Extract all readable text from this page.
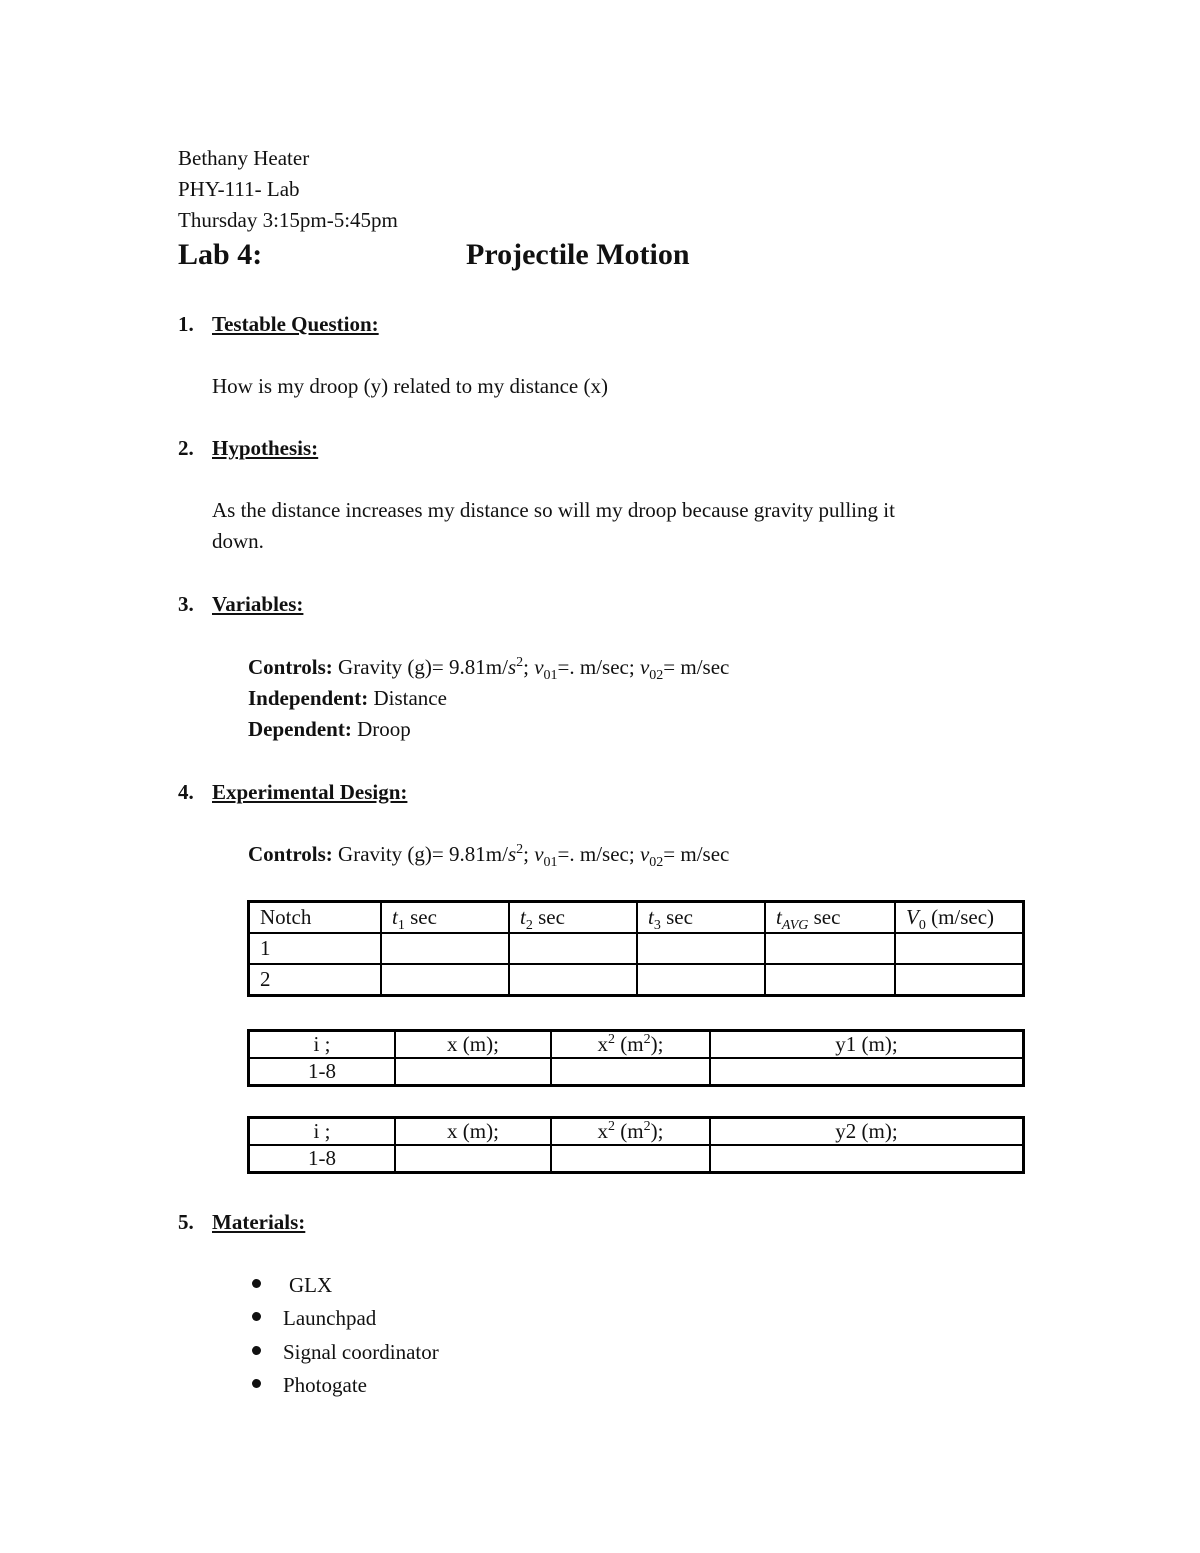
Bethany Heater
PHY-111- Lab
Thursday 3:15pm-5:45pm
Lab 4:	Projectile Motion
1. Testable Question:
How is my droop (y) related to my distance (x)
2. Hypothesis:
As the distance increases my distance so will my droop because gravity pulling it
down.
3. Variables:
Controls: Gravity $(g)= 9.81m/s^2$; $v_{01}=$. m/sec; $v_{02}= m/\sec$
Independent: Distance
Dependent: Droop
4. Experimental Design:
Controls: Gravity $(g)= 9.81m/s^2$; $v_{01}=$. m/sec; $v_{02}= m/\sec$
Notch	$t_1$ sec	$t_2$ sec	$t_3$ sec	$t_{AVG}$ sec	$V_0$ (m/sec)
1					
2					
i ;	x (m);	$x^2$ $(m^2)$;	y1 (m);
1-8			
i ;	x (m);	$x^2$ $(m^2)$;	y2 (m);
1-8			
5. Materials:
GLX
Launchpad
Signal coordinator
Photogate
